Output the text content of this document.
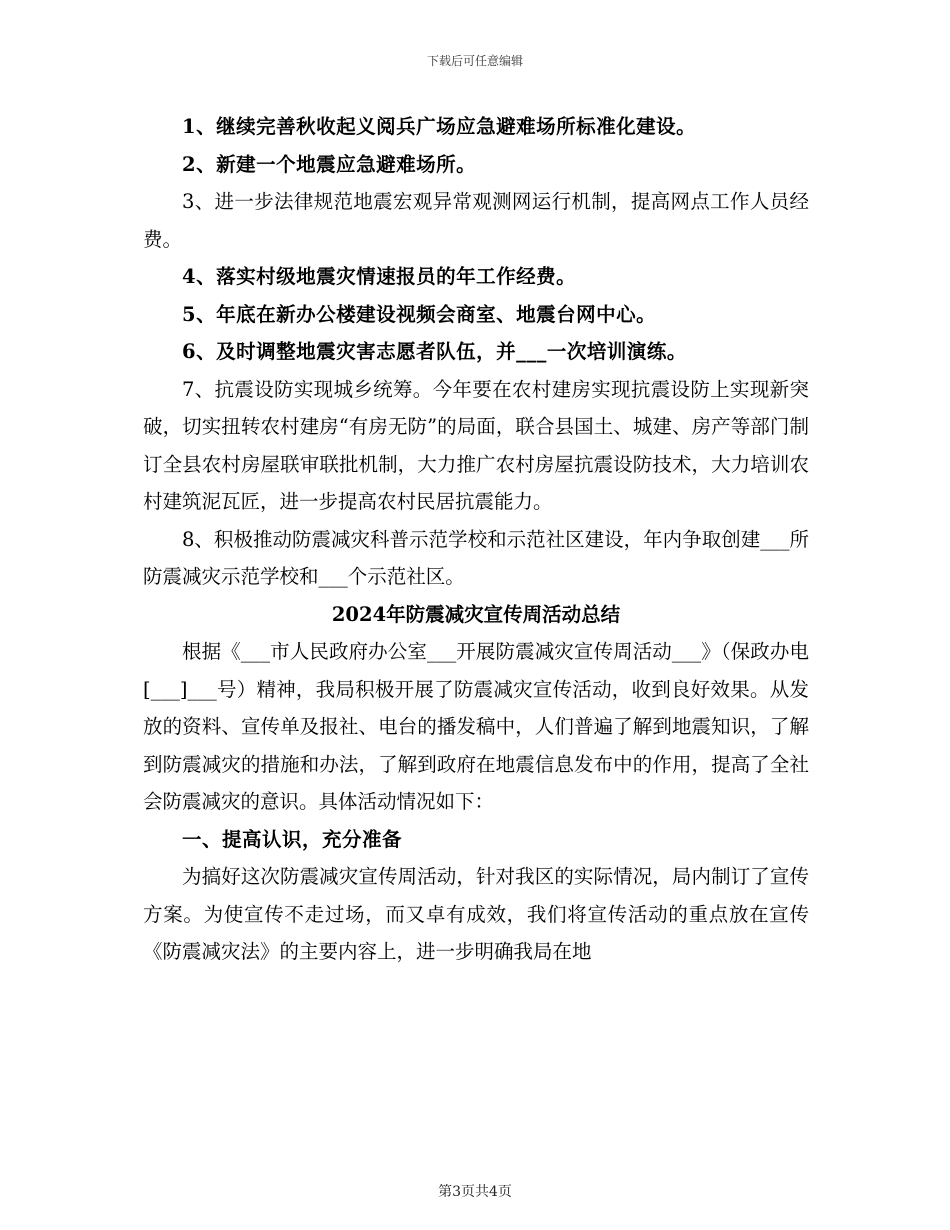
下载后可任意编辑

1、继续完善秋收起义阅兵广场应急避难场所标准化建设。

2、新建一个地震应急避难场所。

3、进一步法律规范地震宏观异常观测网运行机制，提高网点工作人员经费。

4、落实村级地震灾情速报员的年工作经费。

5、年底在新办公楼建设视频会商室、地震台网中心。

6、及时调整地震灾害志愿者队伍，并___一次培训演练。

7、抗震设防实现城乡统筹。今年要在农村建房实现抗震设防上实现新突破，切实扭转农村建房“有房无防”的局面，联合县国土、城建、房产等部门制订全县农村房屋联审联批机制，大力推广农村房屋抗震设防技术，大力培训农村建筑泥瓦匠，进一步提高农村民居抗震能力。

8、积极推动防震减灾科普示范学校和示范社区建设，年内争取创建___所防震减灾示范学校和___个示范社区。

2024年防震减灾宣传周活动总结

根据《___市人民政府办公室___开展防震减灾宣传周活动___》（保政办电[___]___号）精神，我局积极开展了防震减灾宣传活动，收到良好效果。从发放的资料、宣传单及报社、电台的播发稿中，人们普遍了解到地震知识，了解到防震减灾的措施和办法，了解到政府在地震信息发布中的作用，提高了全社会防震减灾的意识。具体活动情况如下：

一、提高认识，充分准备

为搞好这次防震减灾宣传周活动，针对我区的实际情况，局内制订了宣传方案。为使宣传不走过场，而又卓有成效，我们将宣传活动的重点放在宣传《防震减灾法》的主要内容上，进一步明确我局在地

第3页共4页
